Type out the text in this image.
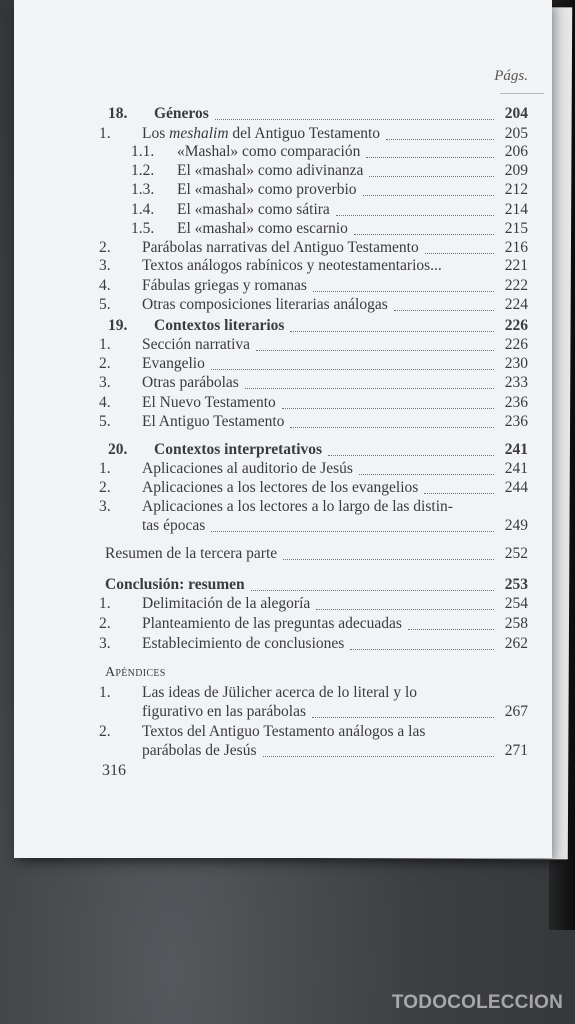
Págs.
18. Géneros	204
1. Los meshalim del Antiguo Testamento	205
1.1. «Mashal» como comparación	206
1.2. El «mashal» como adivinanza	209
1.3. El «mashal» como proverbio	212
1.4. El «mashal» como sátira	214
1.5. El «mashal» como escarnio	215
2. Parábolas narrativas del Antiguo Testamento	216
3. Textos análogos rabínicos y neotestamentarios...	221
4. Fábulas griegas y romanas	222
5. Otras composiciones literarias análogas	224
19. Contextos literarios	226
1. Sección narrativa	226
2. Evangelio	230
3. Otras parábolas	233
4. El Nuevo Testamento	236
5. El Antiguo Testamento	236
20. Contextos interpretativos	241
1. Aplicaciones al auditorio de Jesús	241
2. Aplicaciones a los lectores de los evangelios	244
3. Aplicaciones a los lectores a lo largo de las distin-
tas épocas	249
Resumen de la tercera parte	252
Conclusión: resumen	253
1. Delimitación de la alegoría	254
2. Planteamiento de las preguntas adecuadas	258
3. Establecimiento de conclusiones	262
Apéndices
1. Las ideas de Jülicher acerca de lo literal y lo
figurativo en las parábolas	267
2. Textos del Antiguo Testamento análogos a las
parábolas de Jesús	271
316
TODOCOLECCION
